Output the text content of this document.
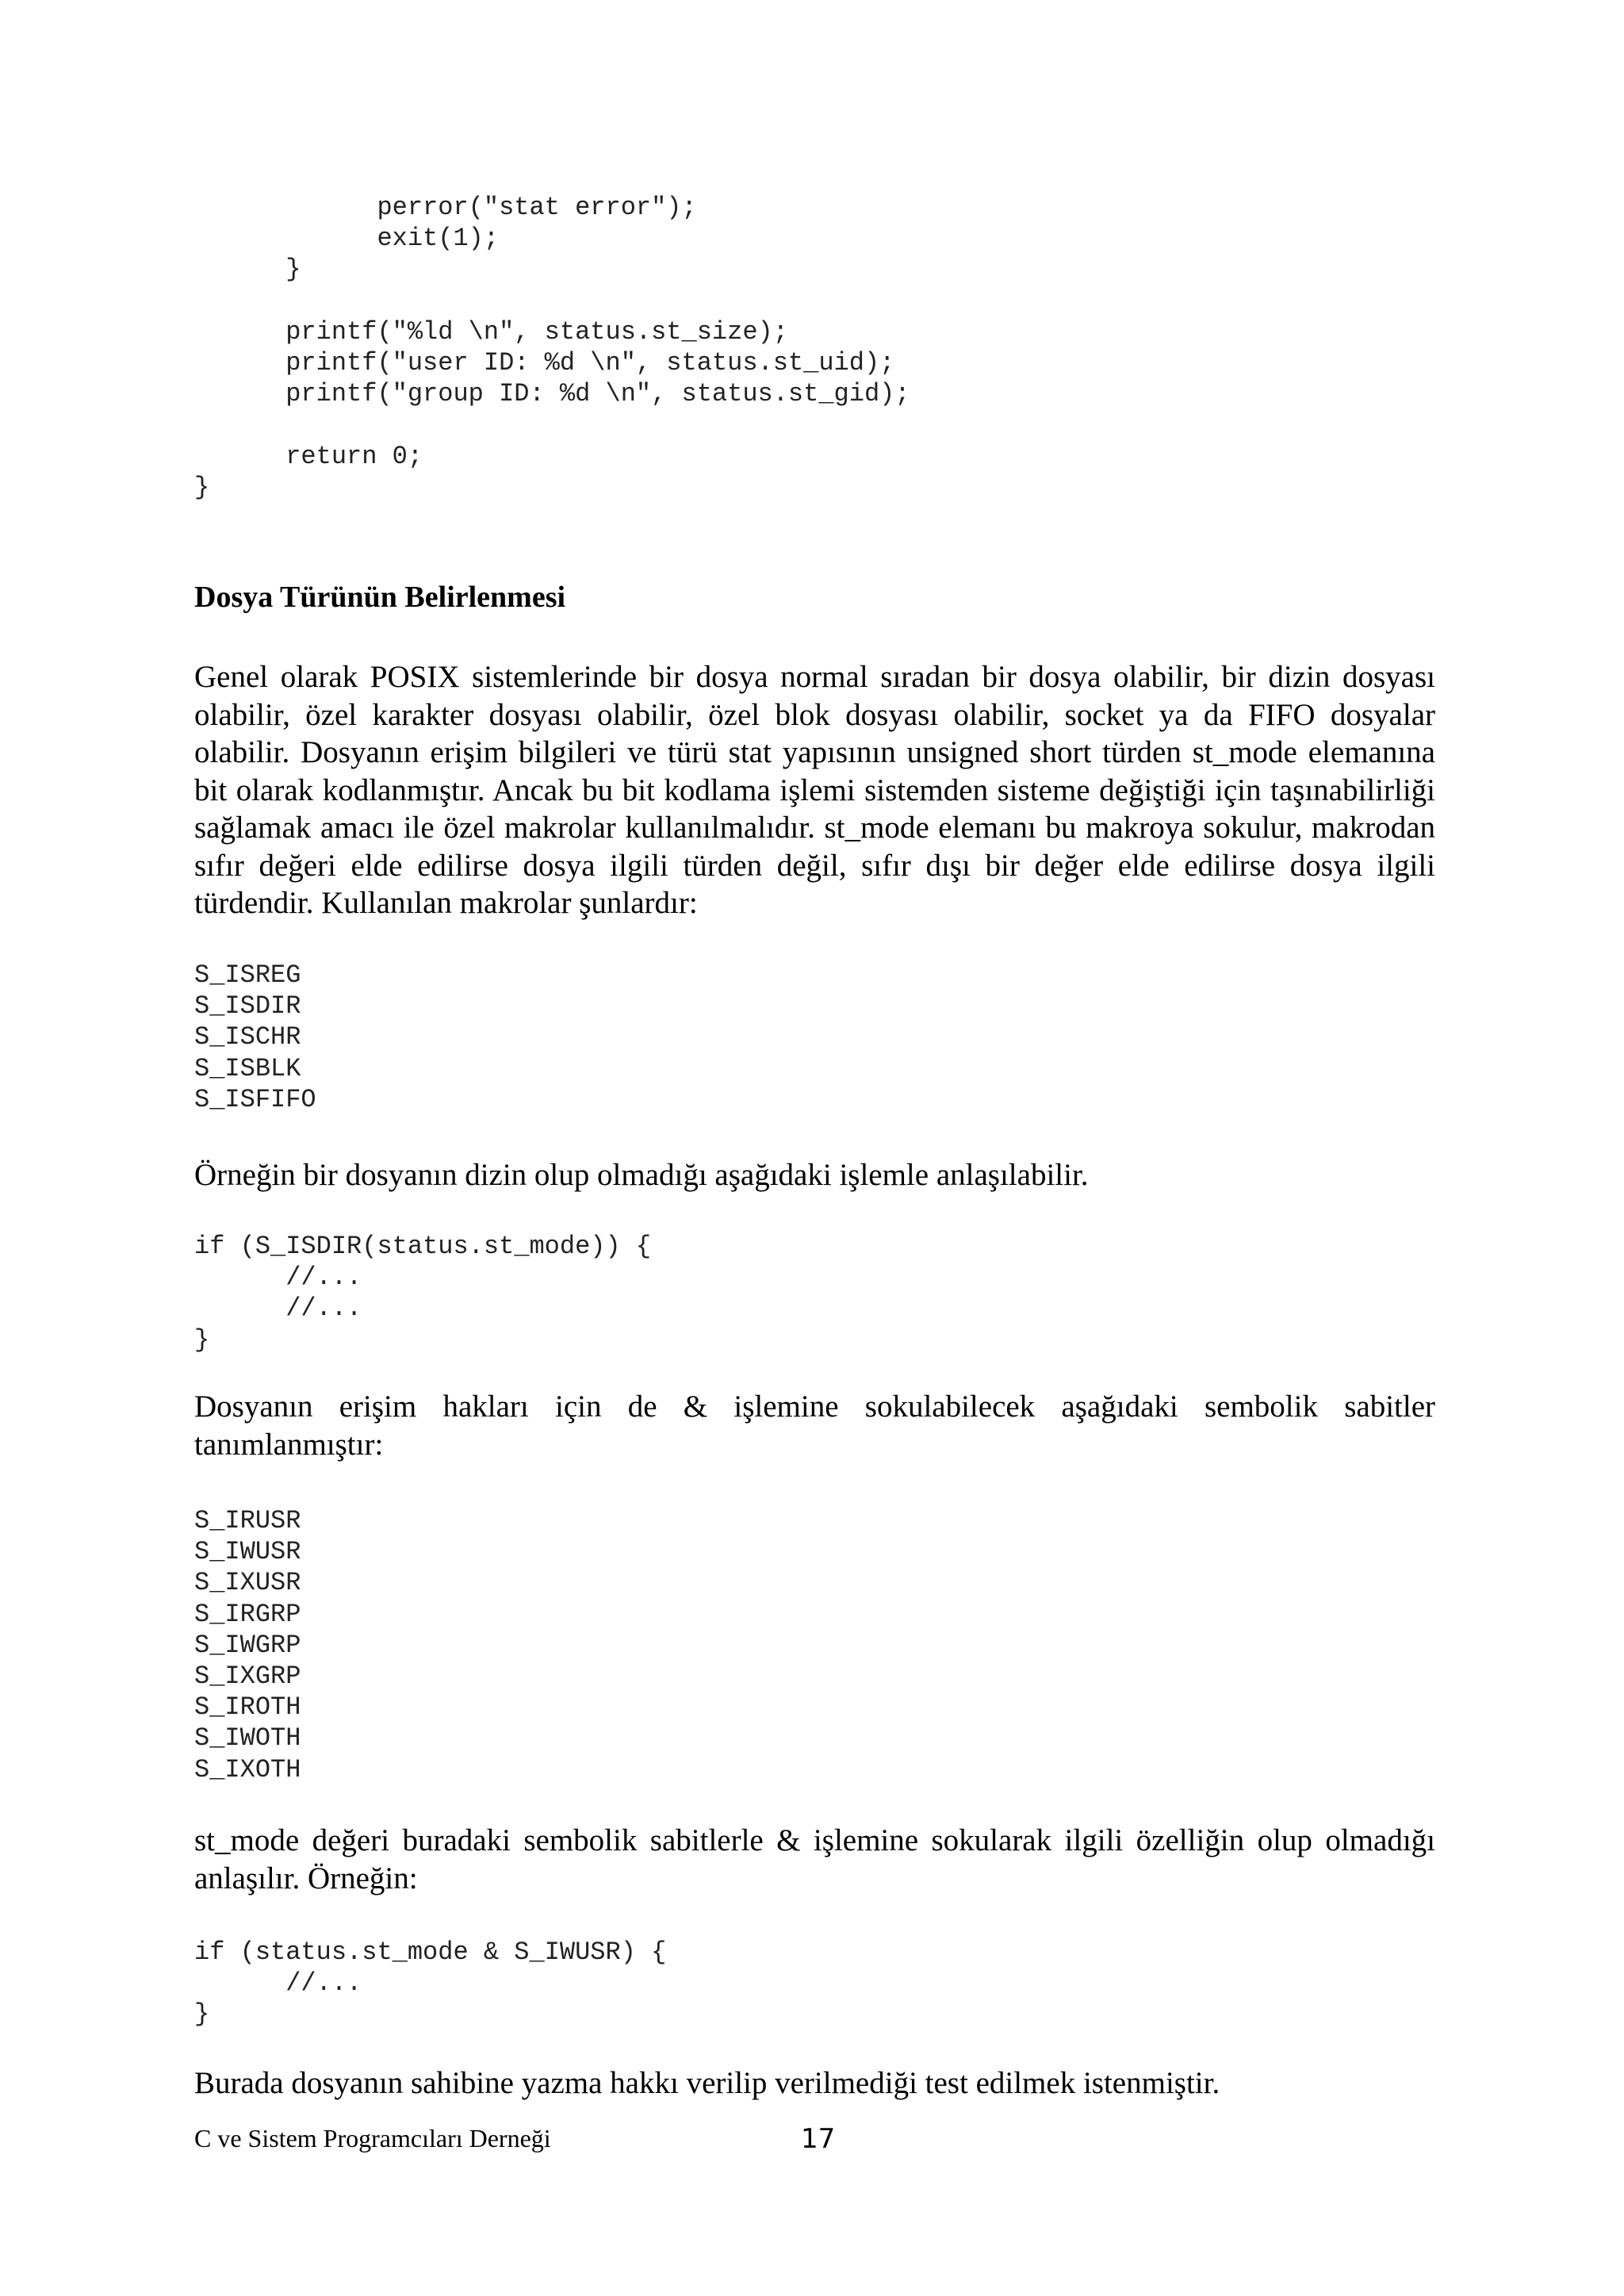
perror("stat error");
exit(1);
}

printf("%ld \n", status.st_size);
printf("user ID: %d \n", status.st_uid);
printf("group ID: %d \n", status.st_gid);

return 0;
}
Dosya Türünün Belirlenmesi

Genel olarak POSIX sistemlerinde bir dosya normal sıradan bir dosya olabilir, bir dizin dosyası olabilir, özel karakter dosyası olabilir, özel blok dosyası olabilir, socket ya da FIFO dosyalar olabilir. Dosyanın erişim bilgileri ve türü stat yapısının unsigned short türden st_mode elemanına bit olarak kodlanmıştır. Ancak bu bit kodlama işlemi sistemden sisteme değiştiği için taşınabilirliği sağlamak amacı ile özel makrolar kullanılmalıdır. st_mode elemanı bu makroya sokulur, makrodan sıfır değeri elde edilirse dosya ilgili türden değil, sıfır dışı bir değer elde edilirse dosya ilgili türdendir. Kullanılan makrolar şunlardır:

S_ISREG
S_ISDIR
S_ISCHR
S_ISBLK
S_ISFIFO

Örneğin bir dosyanın dizin olup olmadığı aşağıdaki işlemle anlaşılabilir.

if (S_ISDIR(status.st_mode)) {
//...
//...
}

Dosyanın erişim hakları için de & işlemine sokulabilecek aşağıdaki sembolik sabitler tanımlanmıştır:

S_IRUSR
S_IWUSR
S_IXUSR
S_IRGRP
S_IWGRP
S_IXGRP
S_IROTH
S_IWOTH
S_IXOTH

st_mode değeri buradaki sembolik sabitlerle & işlemine sokularak ilgili özelliğin olup olmadığı anlaşılır. Örneğin:

if (status.st_mode & S_IWUSR) {
//...
}

Burada dosyanın sahibine yazma hakkı verilip verilmediği test edilmek istenmiştir.

C ve Sistem Programcıları Derneği	17
